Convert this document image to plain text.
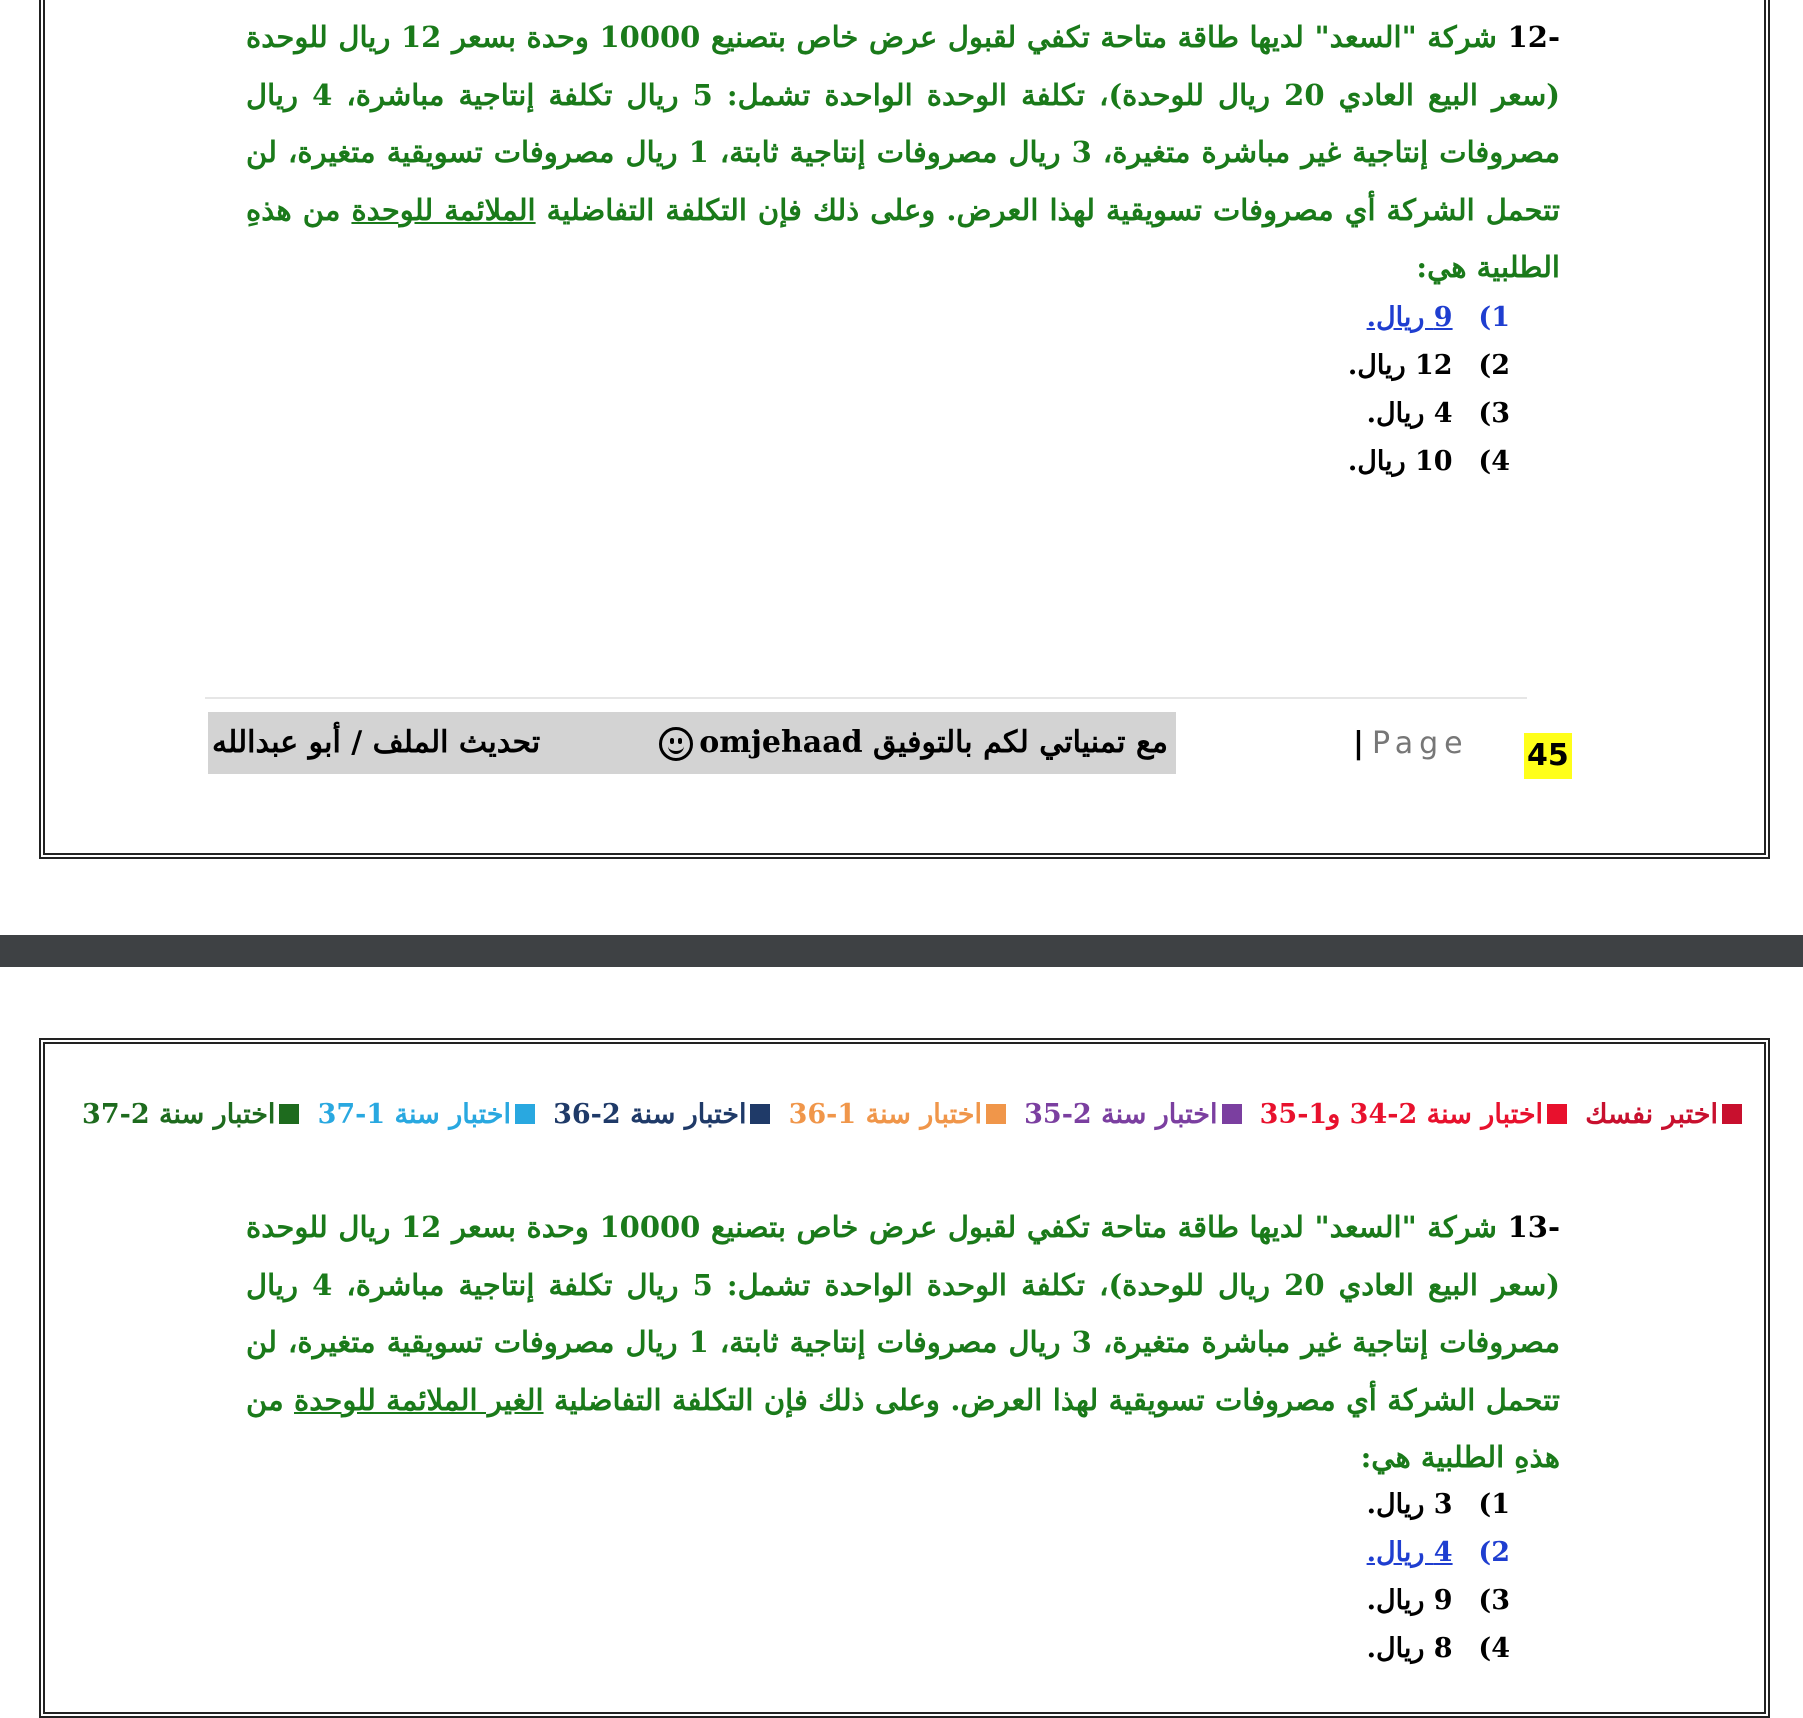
12- شركة "السعد" لديها طاقة متاحة تكفي لقبول عرض خاص بتصنيع 10000 وحدة بسعر 12 ريال للوحدة (سعر البيع العادي 20 ريال للوحدة)، تكلفة الوحدة الواحدة تشمل: 5 ريال تكلفة إنتاجية مباشرة، 4 ريال مصروفات إنتاجية غير مباشرة متغيرة، 3 ريال مصروفات إنتاجية ثابتة، 1 ريال مصروفات تسويقية متغيرة، لن تتحمل الشركة أي مصروفات تسويقية لهذا العرض. وعلى ذلك فإن التكلفة التفاضلية الملائمة للوحدة من هذهِ الطلبية هي:
1) 9 ريال.
2) 12 ريال.
3) 4 ريال.
4) 10 ريال.
مع تمنياتي لكم بالتوفيق omjehaad
تحديث الملف / أبو عبدالله	| Page 45
اختبر نفسك
اختبار سنة 2-34 و1-35
اختبار سنة 2-35
اختبار سنة 1-36
اختبار سنة 2-36
اختبار سنة 1-37
اختبار سنة 2-37
13- شركة "السعد" لديها طاقة متاحة تكفي لقبول عرض خاص بتصنيع 10000 وحدة بسعر 12 ريال للوحدة (سعر البيع العادي 20 ريال للوحدة)، تكلفة الوحدة الواحدة تشمل: 5 ريال تكلفة إنتاجية مباشرة، 4 ريال مصروفات إنتاجية غير مباشرة متغيرة، 3 ريال مصروفات إنتاجية ثابتة، 1 ريال مصروفات تسويقية متغيرة، لن تتحمل الشركة أي مصروفات تسويقية لهذا العرض. وعلى ذلك فإن التكلفة التفاضلية الغير الملائمة للوحدة من هذهِ الطلبية هي:
1) 3 ريال.
2) 4 ريال.
3) 9 ريال.
4) 8 ريال.
